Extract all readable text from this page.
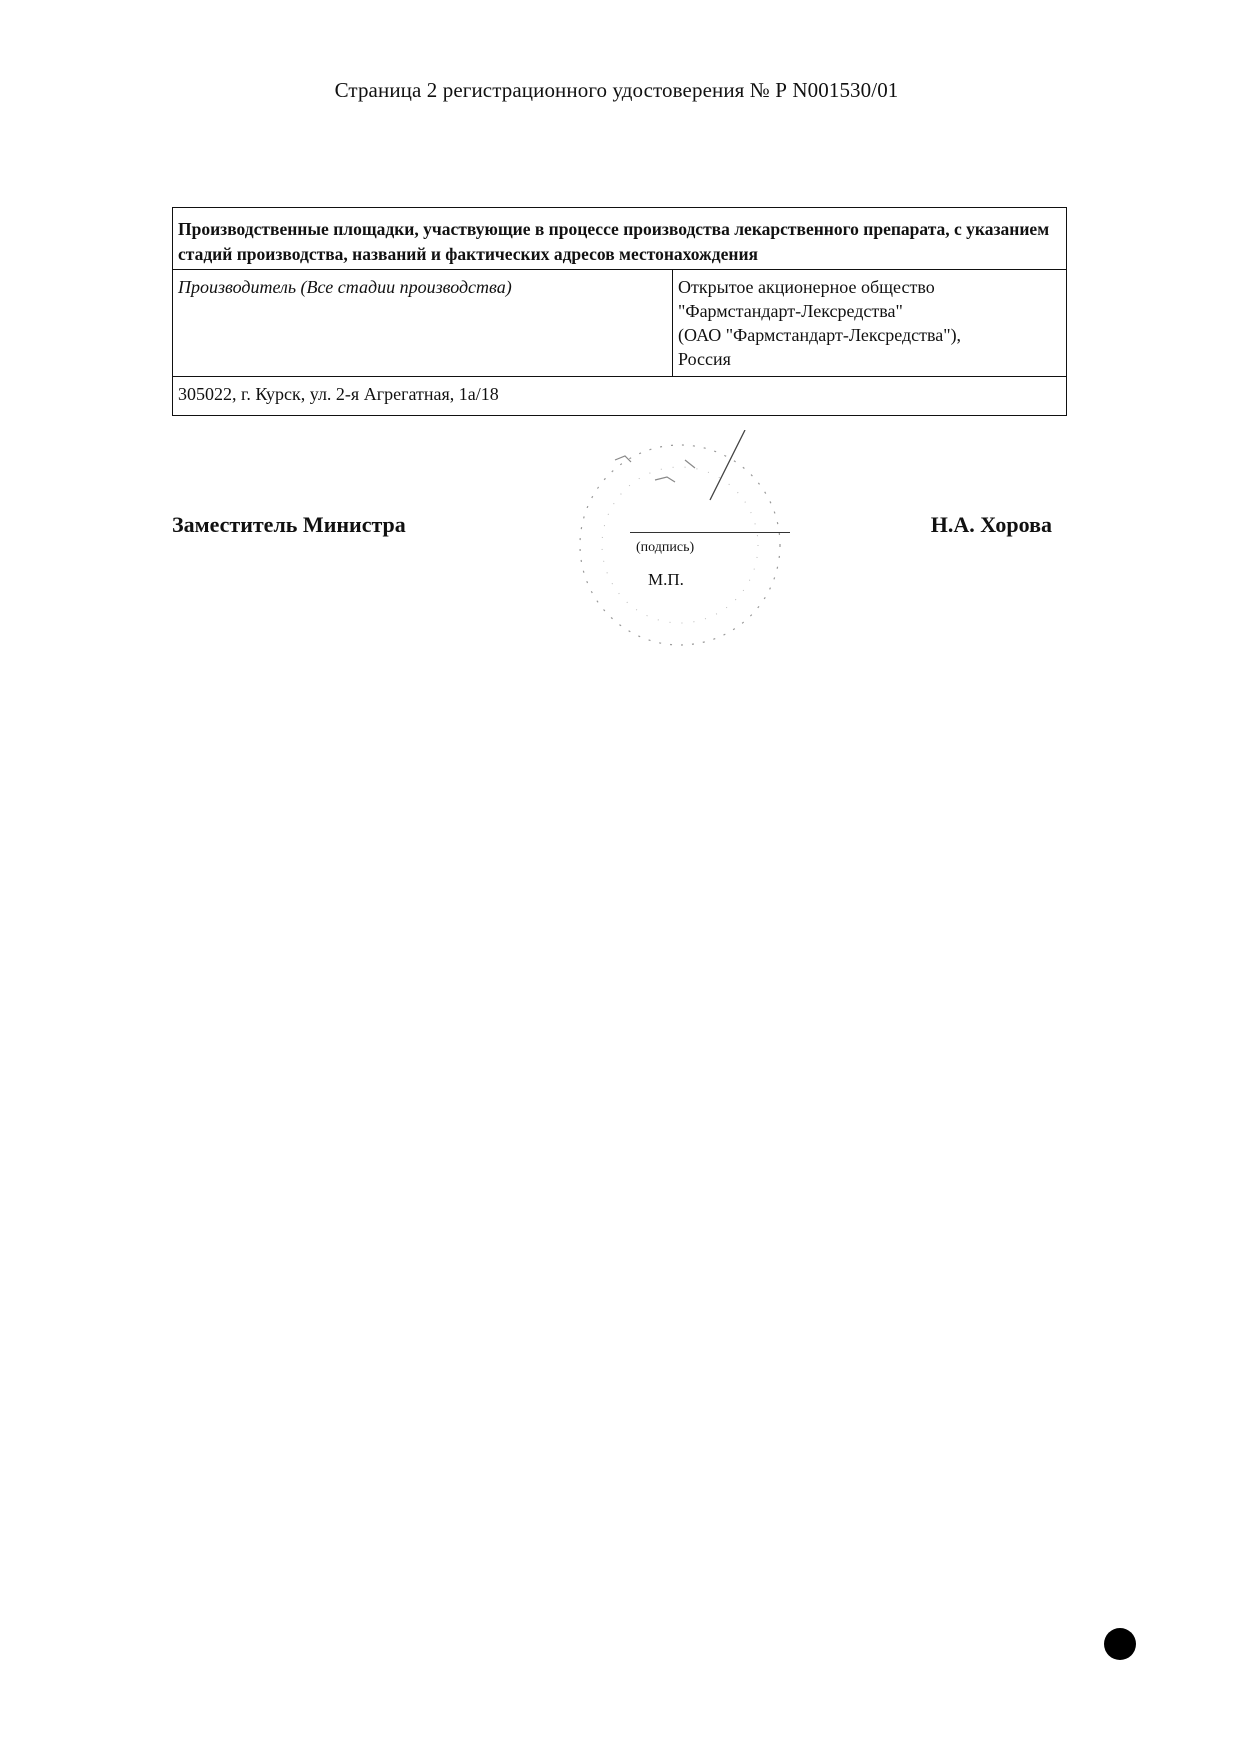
Страница 2 регистрационного удостоверения № Р N001530/01
Производственные площадки, участвующие в процессе производства лекарственного препарата, с указанием стадий производства, названий и фактических адресов местонахождения
Производитель (Все стадии производства)	Открытое акционерное общество
"Фармстандарт-Лексредства"
(ОАО "Фармстандарт-Лексредства"),
Россия
305022, г. Курск, ул. 2-я Агрегатная, 1а/18
Заместитель Министра	Н.А. Хорова
(подпись)
М.П.
